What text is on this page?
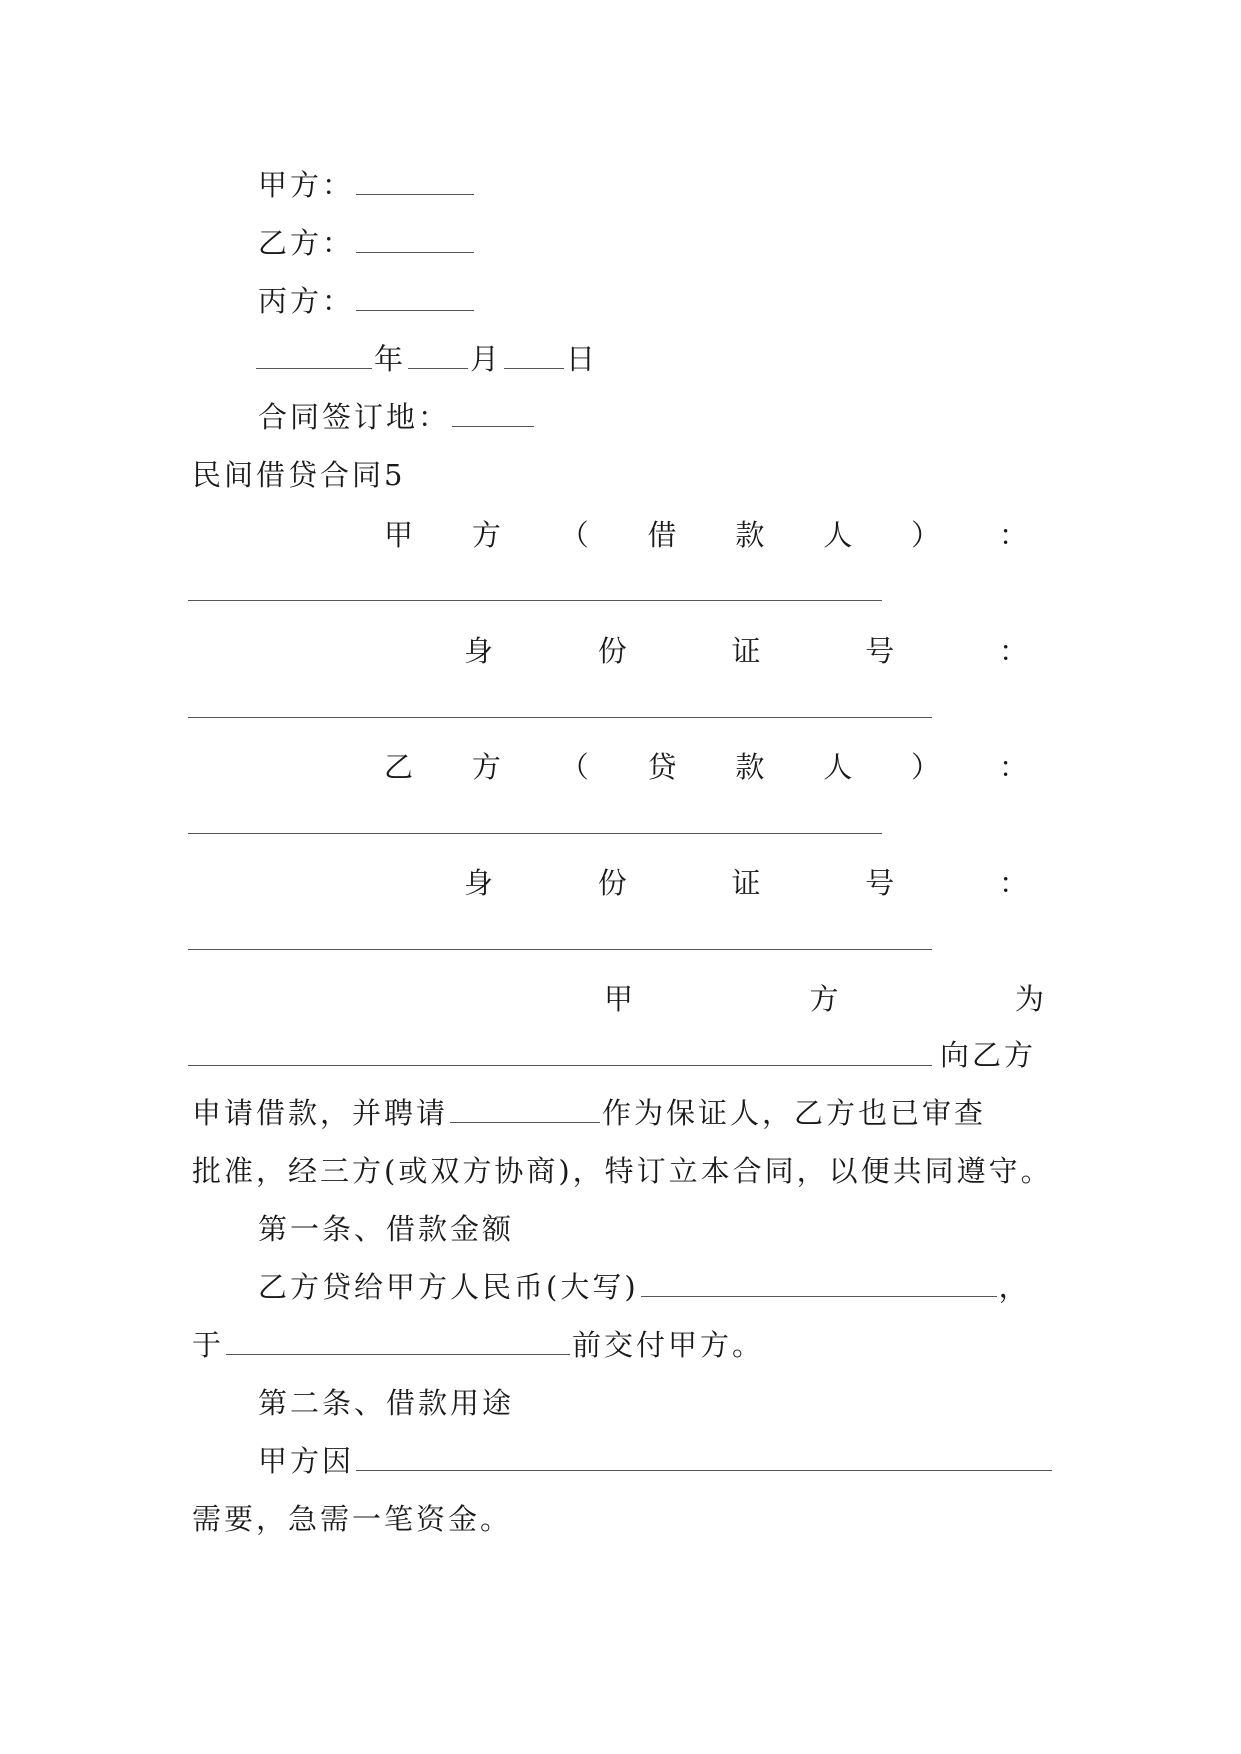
甲方：
乙方：
丙方：
年 月 日
合同签订地：
民间借贷合同5
甲 方 （ 借 款 人 ） ：
身	份	证	号	：
乙 方 （ 贷 款 人 ） ：
身	份	证	号	：
甲	方	为
向乙方
申请借款，并聘请	作为保证人，乙方也已审查
批准，经三方(或双方协商)，特订立本合同，以便共同遵守。
第一条、借款金额
乙方贷给甲方人民币(大写)	，
于	前交付甲方。
第二条、借款用途
甲方因
需要，急需一笔资金。
